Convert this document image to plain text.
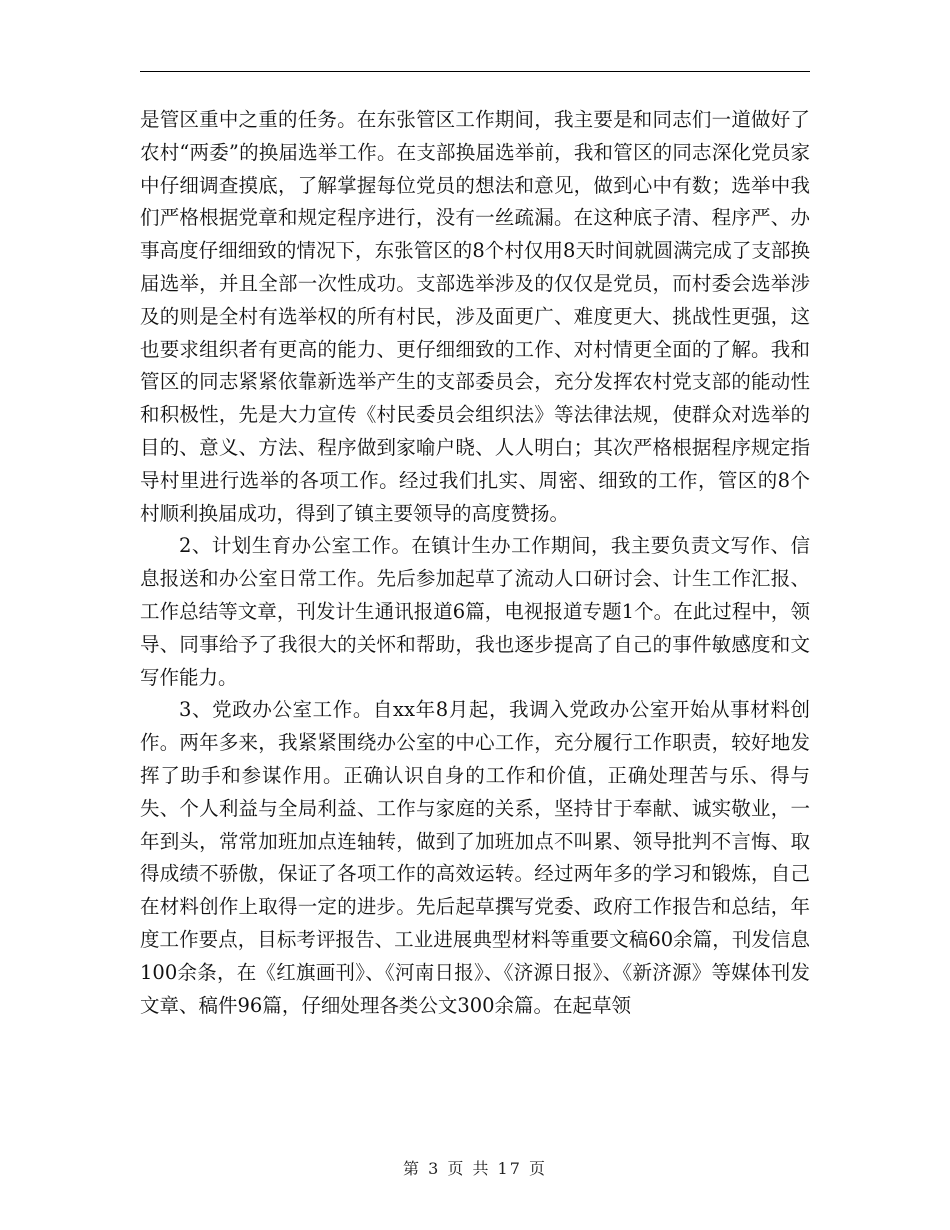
是管区重中之重的任务。在东张管区工作期间，我主要是和同志们一道做好了农村“两委”的换届选举工作。在支部换届选举前，我和管区的同志深化党员家中仔细调查摸底，了解掌握每位党员的想法和意见，做到心中有数；选举中我们严格根据党章和规定程序进行，没有一丝疏漏。在这种底子清、程序严、办事高度仔细细致的情况下，东张管区的8个村仅用8天时间就圆满完成了支部换届选举，并且全部一次性成功。支部选举涉及的仅仅是党员，而村委会选举涉及的则是全村有选举权的所有村民，涉及面更广、难度更大、挑战性更强，这也要求组织者有更高的能力、更仔细细致的工作、对村情更全面的了解。我和管区的同志紧紧依靠新选举产生的支部委员会，充分发挥农村党支部的能动性和积极性，先是大力宣传《村民委员会组织法》等法律法规，使群众对选举的目的、意义、方法、程序做到家喻户晓、人人明白；其次严格根据程序规定指导村里进行选举的各项工作。经过我们扎实、周密、细致的工作，管区的8个村顺利换届成功，得到了镇主要领导的高度赞扬。

2、计划生育办公室工作。在镇计生办工作期间，我主要负责文写作、信息报送和办公室日常工作。先后参加起草了流动人口研讨会、计生工作汇报、工作总结等文章，刊发计生通讯报道6篇，电视报道专题1个。在此过程中，领导、同事给予了我很大的关怀和帮助，我也逐步提高了自己的事件敏感度和文写作能力。

3、党政办公室工作。自xx年8月起，我调入党政办公室开始从事材料创作。两年多来，我紧紧围绕办公室的中心工作，充分履行工作职责，较好地发挥了助手和参谋作用。正确认识自身的工作和价值，正确处理苦与乐、得与失、个人利益与全局利益、工作与家庭的关系，坚持甘于奉献、诚实敬业，一年到头，常常加班加点连轴转，做到了加班加点不叫累、领导批判不言悔、取得成绩不骄傲，保证了各项工作的高效运转。经过两年多的学习和锻炼，自己在材料创作上取得一定的进步。先后起草撰写党委、政府工作报告和总结，年度工作要点，目标考评报告、工业进展典型材料等重要文稿60余篇，刊发信息100余条，在《红旗画刊》、《河南日报》、《济源日报》、《新济源》等媒体刊发文章、稿件96篇，仔细处理各类公文300余篇。在起草领

第 3 页 共 17 页
